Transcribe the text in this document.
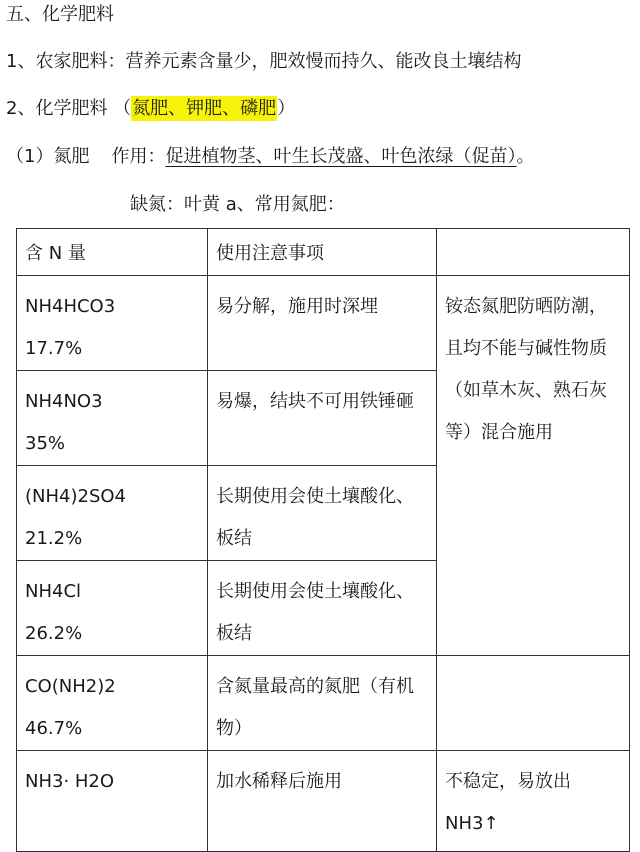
五、化学肥料
1、农家肥料：营养元素含量少，肥效慢而持久、能改良土壤结构
2、化学肥料 （氮肥、钾肥、磷肥）
（1）氮肥 作用：促进植物茎、叶生长茂盛、叶色浓绿（促苗）。
缺氮：叶黄 a、常用氮肥：
含 N 量	使用注意事项	

NH4HCO3
17.7%	易分解，施用时深埋	铵态氮肥防晒防潮，且均不能与碱性物质（如草木灰、熟石灰等）混合施用

NH4NO3
35%	易爆，结块不可用铁锤砸	

(NH4)2SO4
21.2%	长期使用会使土壤酸化、板结	

NH4Cl
26.2%	长期使用会使土壤酸化、板结	

CO(NH2)2
46.7%	含氮量最高的氮肥（有机物）	

NH3· H2O	加水稀释后施用	不稳定，易放出NH3↑
